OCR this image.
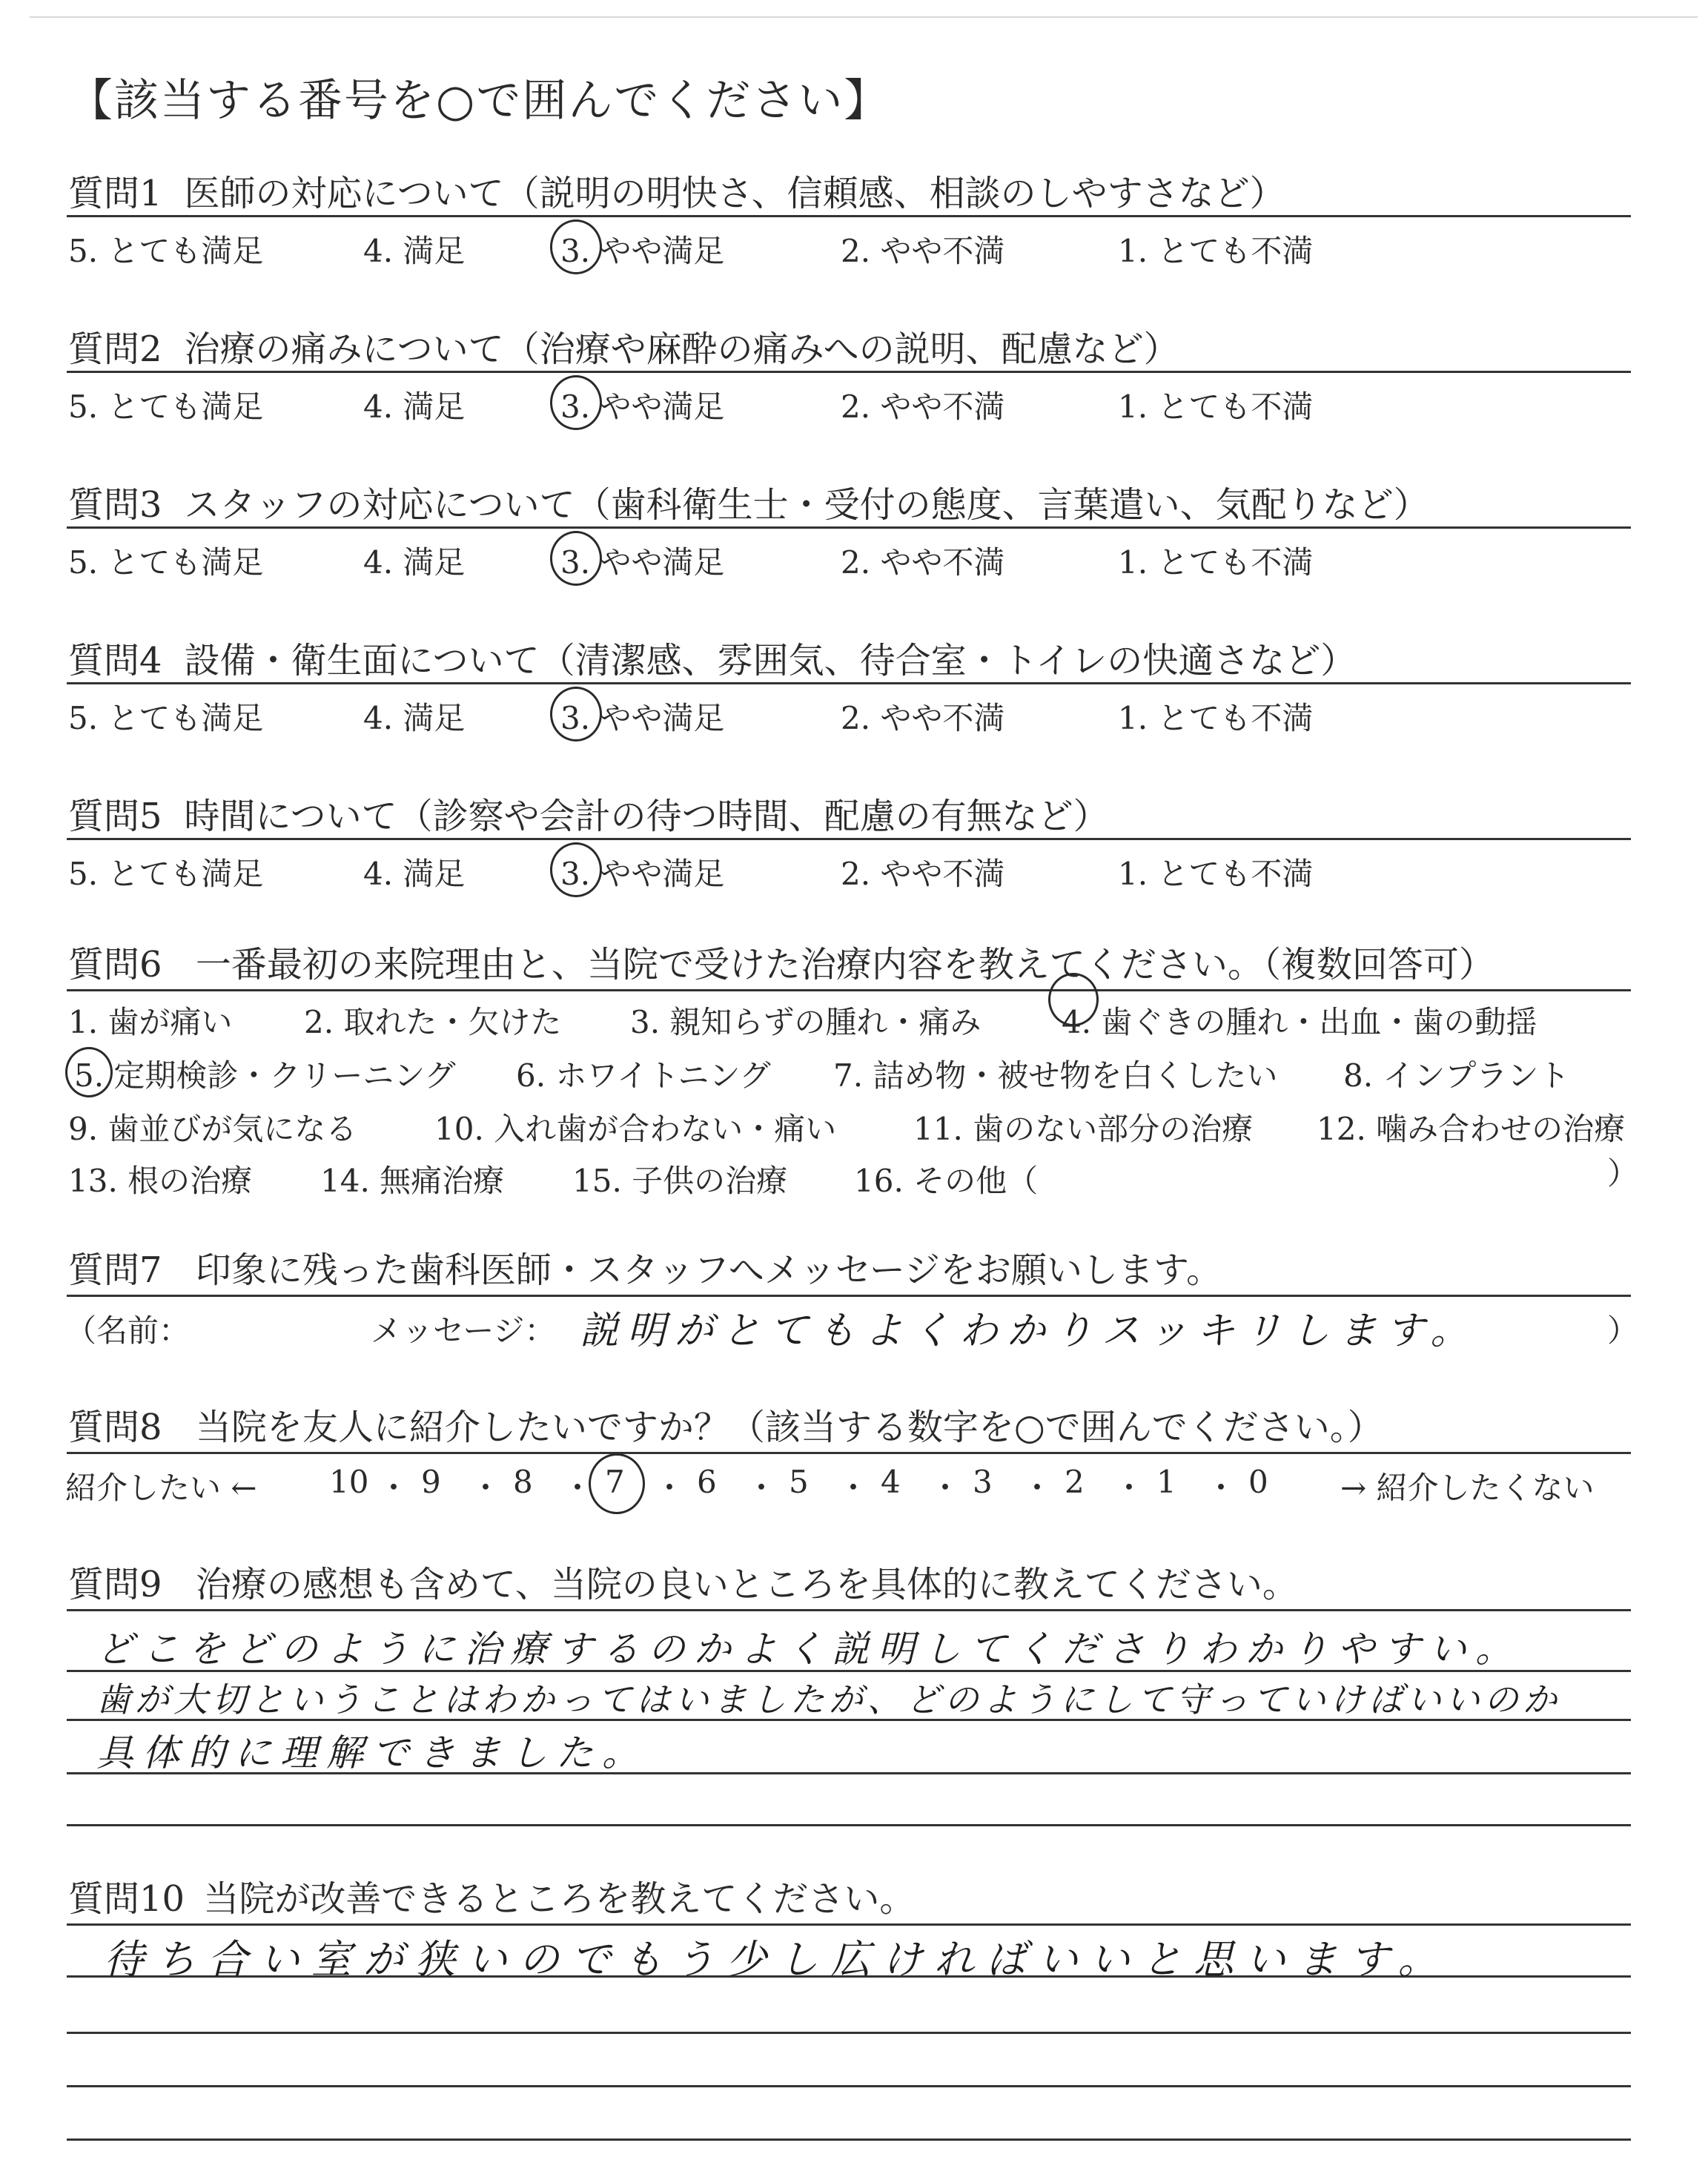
【該当する番号を○で囲んでください】
質問1 医師の対応について（説明の明快さ、信頼感、相談のしやすさなど）
5. とても満足	4. 満足	3. やや満足	2. やや不満	1. とても不満
質問2 治療の痛みについて（治療や麻酔の痛みへの説明、配慮など）
5. とても満足	4. 満足	3. やや満足	2. やや不満	1. とても不満
質問3 スタッフの対応について（歯科衛生士・受付の態度、言葉遣い、気配りなど）
5. とても満足	4. 満足	3. やや満足	2. やや不満	1. とても不満
質問4 設備・衛生面について（清潔感、雰囲気、待合室・トイレの快適さなど）
5. とても満足	4. 満足	3. やや満足	2. やや不満	1. とても不満
質問5 時間について（診察や会計の待つ時間、配慮の有無など）
5. とても満足	4. 満足	3. やや満足	2. やや不満	1. とても不満
質問6 一番最初の来院理由と、当院で受けた治療内容を教えてください。（複数回答可）
1. 歯が痛い 2. 取れた・欠けた 3. 親知らずの腫れ・痛み	4. 歯ぐきの腫れ・出血・歯の動揺
5. 定期検診・クリーニング 6. ホワイトニング 7. 詰め物・被せ物を白くしたい 8. インプラント
9. 歯並びが気になる 10. 入れ歯が合わない・痛い 11. 歯のない部分の治療 12. 噛み合わせの治療
13. 根の治療 14. 無痛治療 15. 子供の治療 16. その他（	）
質問7 印象に残った歯科医師・スタッフへメッセージをお願いします。
（名前：	メッセージ： 説明がとてもよくわかりスッキリします。	）
質問8 当院を友人に紹介したいですか？（該当する数字を○で囲んでください。）
紹介したい ← 10 ・ 9 ・ 8 ・ 7 ・ 6 ・ 5 ・ 4 ・ 3 ・ 2 ・ 1 ・ 0 → 紹介したくない
質問9 治療の感想も含めて、当院の良いところを具体的に教えてください。
どこをどのように治療するのかよく説明してくださりわかりやすい。
歯が大切ということはわかってはいましたが、どのようにして守っていけばいいのか
具体的に理解できました。
質問10 当院が改善できるところを教えてください。
待ち合い室が狭いのでもう少し広ければいいと思います。
